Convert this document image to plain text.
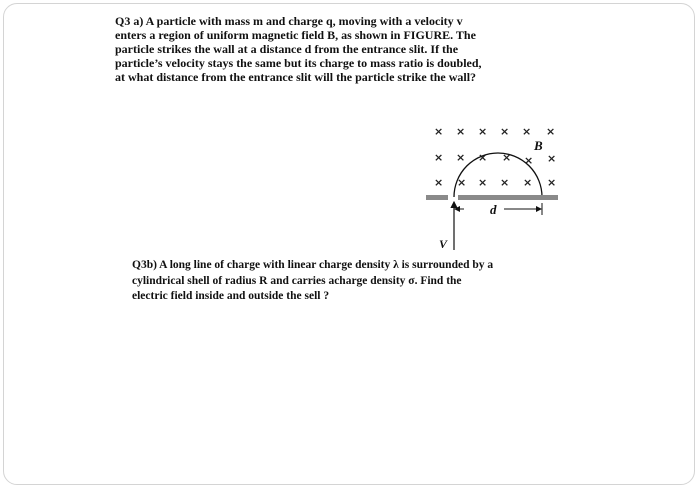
Q3 a) A particle with mass m and charge q, moving with a velocity v
enters a region of uniform magnetic field B, as shown in FIGURE. The
particle strikes the wall at a distance d from the entrance slit. If the
particle’s velocity stays the same but its charge to mass ratio is doubled,
at what distance from the entrance slit will the particle strike the wall?
× × × × × ×
× × × × × ×
× × × × × ×
B
d
V
Q3b) A long line of charge with linear charge density λ is surrounded by a
cylindrical shell of radius R and carries acharge density σ. Find the
electric field inside and outside the sell ?
